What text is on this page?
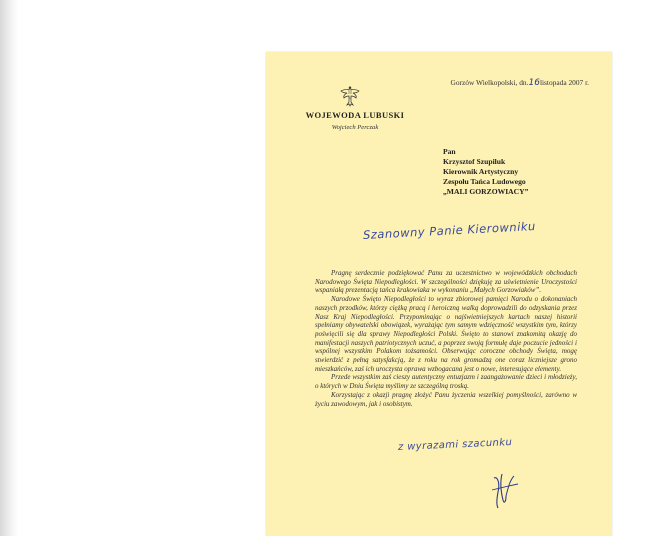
Gorzów Wielkopolski, dn.16listopada 2007 r.
WOJEWODA LUBUSKI
Wojciech Perczak
Pan
Krzysztof Szupiluk
Kierownik Artystyczny
Zespołu Tańca Ludowego
„MALI GORZOWIACY”
Szanowny Panie Kierowniku

Pragnę serdecznie podziękować Panu za uczestnictwo w wojewódzkich obchodach Narodowego Święta Niepodległości. W szczególności dziękuję za uświetnienie Uroczystości wspaniałą prezentacją tańca krakowiaka w wykonaniu „Małych Gorzowiaków”.

Narodowe Święto Niepodległości to wyraz zbiorowej pamięci Narodu o dokonaniach naszych przodków, którzy ciężką pracą i heroiczną walką doprowadzili do odzyskania przez Nasz Kraj Niepodległości. Przypominając o najświetniejszych kartach naszej historii spełniamy obywatelski obowiązek, wyrażając tym samym wdzięczność wszystkim tym, którzy poświęcili się dla sprawy Niepodległości Polski. Święto to stanowi znakomitą okazję do manifestacji naszych patriotycznych uczuć, a poprzez swoją formułę daje poczucie jedności i wspólnej wszystkim Polakom tożsamości. Obserwując coroczne obchody Święta, mogę stwierdzić z pełną satysfakcją, że z roku na rok gromadzą one coraz liczniejsze grono mieszkańców, zaś ich uroczysta oprawa wzbogacana jest o nowe, interesujące elementy.

Przede wszystkim zaś cieszy autentyczny entuzjazm i zaangażowanie dzieci i młodzieży, o których w Dniu Święta myślimy ze szczególną troską.

Korzystając z okazji pragnę złożyć Panu życzenia wszelkiej pomyślności, zarówno w życiu zawodowym, jak i osobistym.

z wyrazami szacunku
